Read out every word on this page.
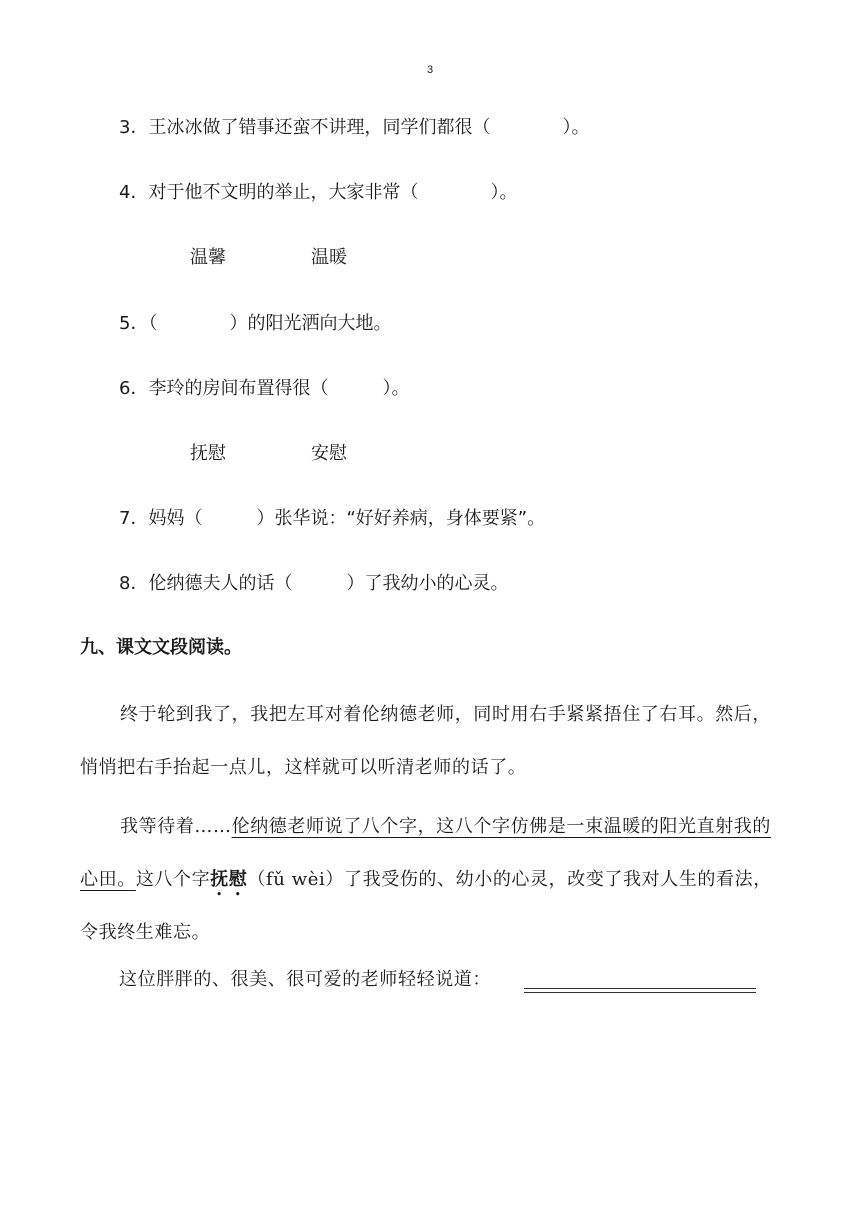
3
3．王冰冰做了错事还蛮不讲理，同学们都很（　　　　	）。
4．对于他不文明的举止，大家非常（　　　　	）。
温馨	温暖
5．（　　　　	）的阳光洒向大地。
6．李玲的房间布置得很（　　　	）。
抚慰	安慰
7．妈妈（　　　	）张华说：“好好养病，身体要紧”。
8．伦纳德夫人的话（　　　	）了我幼小的心灵。
九、课文文段阅读。
终于轮到我了，我把左耳对着伦纳德老师，同时用右手紧紧捂住了右耳。然后，悄悄把右手抬起一点儿，这样就可以听清老师的话了。
我等待着……伦纳德老师说了八个字，这八个字仿佛是一束温暖的阳光直射我的心田。这八个字抚慰（fǔ wèi）了我受伤的、幼小的心灵，改变了我对人生的看法，令我终生难忘。
这位胖胖的、很美、很可爱的老师轻轻说道：
